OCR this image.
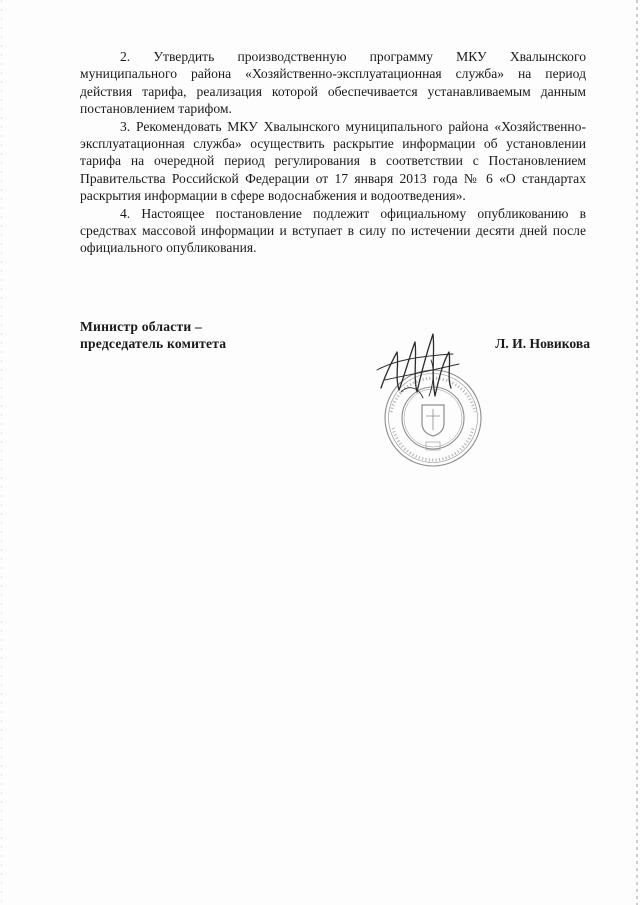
2. Утвердить производственную программу МКУ Хвалынского муниципального района «Хозяйственно-эксплуатационная служба» на период действия тарифа, реализация которой обеспечивается устанавливаемым данным постановлением тарифом.

3. Рекомендовать МКУ Хвалынского муниципального района «Хозяйственно-эксплуатационная служба» осуществить раскрытие информации об установлении тарифа на очередной период регулирования в соответствии с Постановлением Правительства Российской Федерации от 17 января 2013 года № 6 «О стандартах раскрытия информации в сфере водоснабжения и водоотведения».

4. Настоящее постановление подлежит официальному опубликованию в средствах массовой информации и вступает в силу по истечении десяти дней после официального опубликования.

Министр области –
председатель комитета	Л. И. Новикова
